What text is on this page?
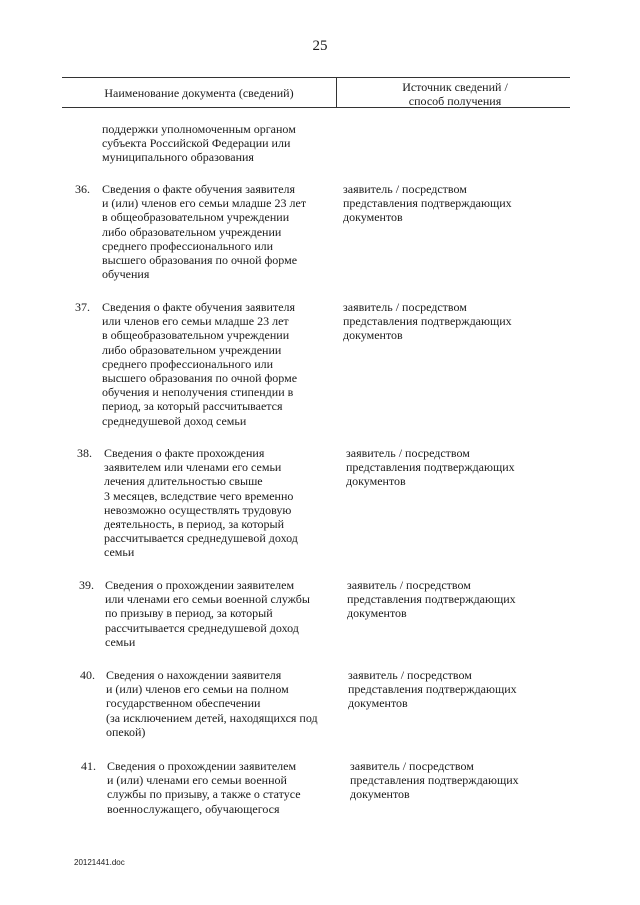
25
Наименование документа (сведений)	Источник сведений /
способ получения
поддержки уполномоченным органом
субъекта Российской Федерации или
муниципального образования
36. Сведения о факте обучения заявителя
и (или) членов его семьи младше 23 лет
в общеобразовательном учреждении
либо образовательном учреждении
среднего профессионального или
высшего образования по очной форме
обучения
заявитель / посредством
представления подтверждающих
документов
37. Сведения о факте обучения заявителя
или членов его семьи младше 23 лет
в общеобразовательном учреждении
либо образовательном учреждении
среднего профессионального или
высшего образования по очной форме
обучения и неполучения стипендии в
период, за который рассчитывается
среднедушевой доход семьи
заявитель / посредством
представления подтверждающих
документов
38. Сведения о факте прохождения
заявителем или членами его семьи
лечения длительностью свыше
3 месяцев, вследствие чего временно
невозможно осуществлять трудовую
деятельность, в период, за который
рассчитывается среднедушевой доход
семьи
заявитель / посредством
представления подтверждающих
документов
39. Сведения о прохождении заявителем
или членами его семьи военной службы
по призыву в период, за который
рассчитывается среднедушевой доход
семьи
заявитель / посредством
представления подтверждающих
документов
40. Сведения о нахождении заявителя
и (или) членов его семьи на полном
государственном обеспечении
(за исключением детей, находящихся под
опекой)
заявитель / посредством
представления подтверждающих
документов
41. Сведения о прохождении заявителем
и (или) членами его семьи военной
службы по призыву, а также о статусе
военнослужащего, обучающегося
заявитель / посредством
представления подтверждающих
документов
20121441.doc
